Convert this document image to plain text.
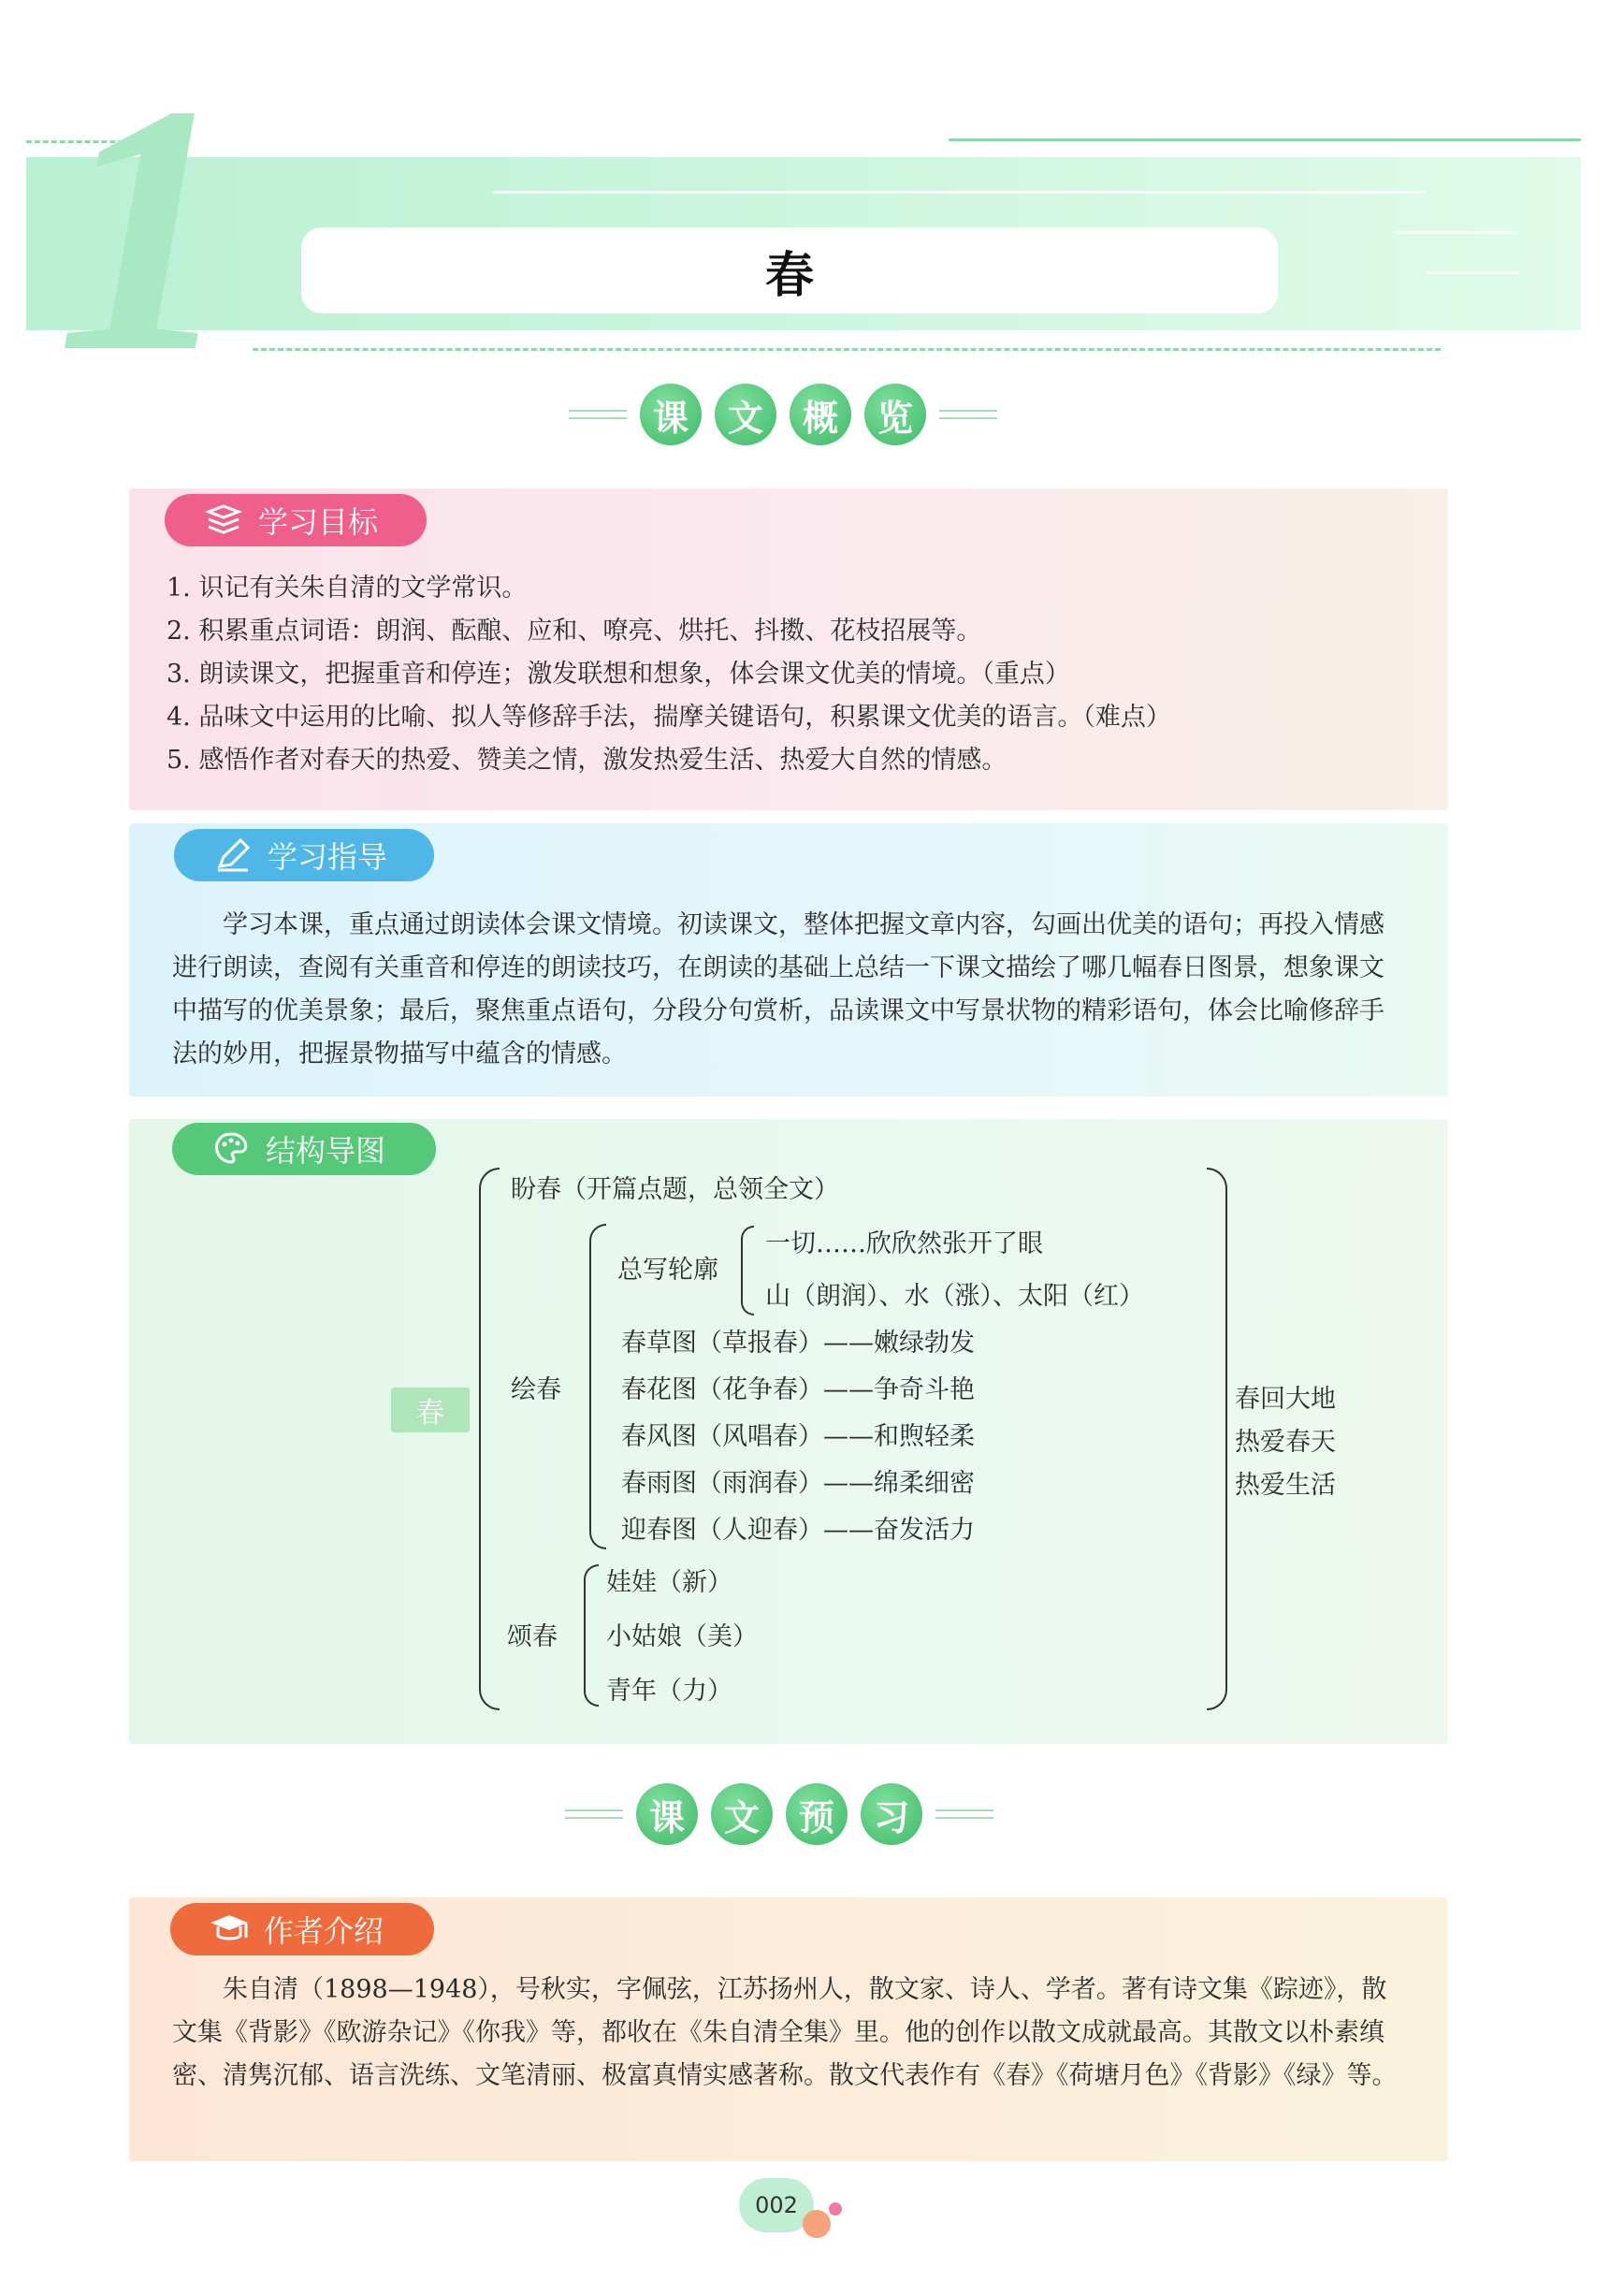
1	春
课	文	概	览
学习目标
1. 识记有关朱自清的文学常识。
2. 积累重点词语：朗润、酝酿、应和、嘹亮、烘托、抖擞、花枝招展等。
3. 朗读课文，把握重音和停连；激发联想和想象，体会课文优美的情境。（重点）
4. 品味文中运用的比喻、拟人等修辞手法，揣摩关键语句，积累课文优美的语言。（难点）
5. 感悟作者对春天的热爱、赞美之情，激发热爱生活、热爱大自然的情感。
学习指导
学习本课，重点通过朗读体会课文情境。初读课文，整体把握文章内容，勾画出优美的语句；再投入情感进行朗读，查阅有关重音和停连的朗读技巧，在朗读的基础上总结一下课文描绘了哪几幅春日图景，想象课文中描写的优美景象；最后，聚焦重点语句，分段分句赏析，品读课文中写景状物的精彩语句，体会比喻修辞手法的妙用，把握景物描写中蕴含的情感。
结构导图
春
盼春（开篇点题，总领全文）
绘春
总写轮廓
一切……欣欣然张开了眼
山（朗润）、水（涨）、太阳（红）
春草图（草报春）——嫩绿勃发
春花图（花争春）——争奇斗艳
春风图（风唱春）——和煦轻柔
春雨图（雨润春）——绵柔细密
迎春图（人迎春）——奋发活力
颂春
娃娃（新）
小姑娘（美）
青年（力）
春回大地
热爱春天
热爱生活
课	文	预	习
作者介绍
朱自清（1898—1948），号秋实，字佩弦，江苏扬州人，散文家、诗人、学者。著有诗文集《踪迹》，散文集《背影》《欧游杂记》《你我》等，都收在《朱自清全集》里。他的创作以散文成就最高。其散文以朴素缜密、清隽沉郁、语言洗练、文笔清丽、极富真情实感著称。散文代表作有《春》《荷塘月色》《背影》《绿》等。
002
